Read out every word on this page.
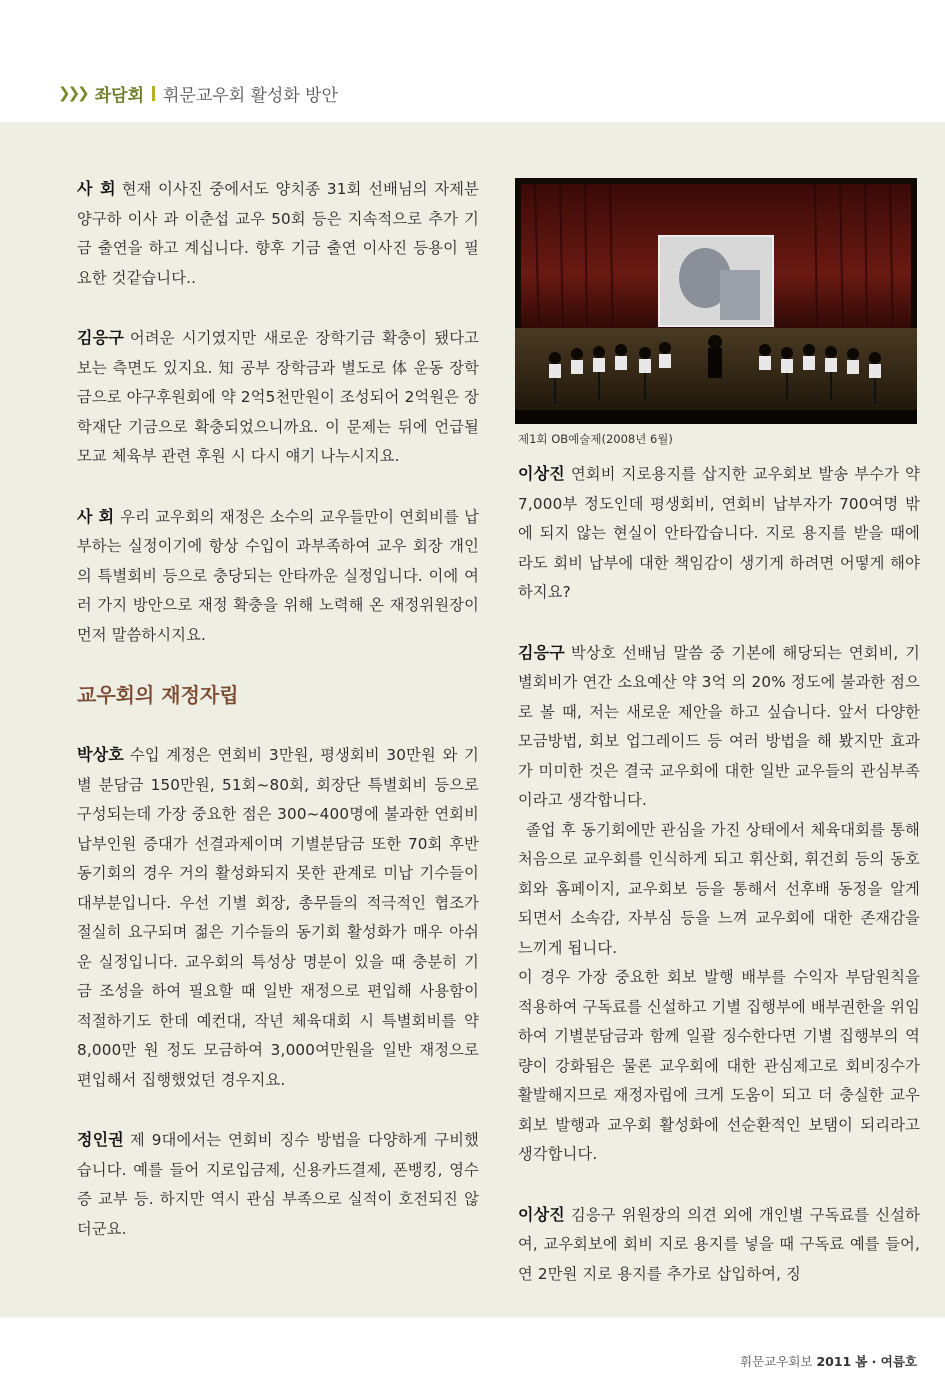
❯❯❯ 좌담회 휘문교우회 활성화 방안

사 회 현재 이사진 중에서도 양치종 31회 선배님의 자제분 양구하 이사 과 이춘섭 교우 50회 등은 지속적으로 추가 기금 출연을 하고 계십니다. 향후 기금 출연 이사진 등용이 필요한 것같습니다..

김응구 어려운 시기였지만 새로운 장학기금 확충이 됐다고 보는 측면도 있지요. 知 공부 장학금과 별도로 体 운동 장학금으로 야구후원회에 약 2억5천만원이 조성되어 2억원은 장학재단 기금으로 확충되었으니까요. 이 문제는 뒤에 언급될 모교 체육부 관련 후원 시 다시 얘기 나누시지요.

사 회 우리 교우회의 재정은 소수의 교우들만이 연회비를 납부하는 실정이기에 항상 수입이 과부족하여 교우 회장 개인의 특별회비 등으로 충당되는 안타까운 실정입니다. 이에 여러 가지 방안으로 재정 확충을 위해 노력해 온 재정위원장이 먼저 말씀하시지요.

교우회의 재정자립

박상호 수입 계정은 연회비 3만원, 평생회비 30만원 와 기별 분담금 150만원, 51회~80회, 회장단 특별회비 등으로 구성되는데 가장 중요한 점은 300~400명에 불과한 연회비 납부인원 증대가 선결과제이며 기별분담금 또한 70회 후반 동기회의 경우 거의 활성화되지 못한 관계로 미납 기수들이 대부분입니다. 우선 기별 회장, 총무들의 적극적인 협조가 절실히 요구되며 젊은 기수들의 동기회 활성화가 매우 아쉬운 실정입니다. 교우회의 특성상 명분이 있을 때 충분히 기금 조성을 하여 필요할 때 일반 재정으로 편입해 사용함이 적절하기도 한데 예컨대, 작년 체육대회 시 특별회비를 약 8,000만 원 정도 모금하여 3,000여만원을 일반 재정으로 편입해서 집행했었던 경우지요.

정인권 제 9대에서는 연회비 징수 방법을 다양하게 구비했습니다. 예를 들어 지로입금제, 신용카드결제, 폰뱅킹, 영수증 교부 등. 하지만 역시 관심 부족으로 실적이 호전되진 않더군요.

제1회 OB예술제(2008년 6월)

이상진 연회비 지로용지를 삽지한 교우회보 발송 부수가 약 7,000부 정도인데 평생회비, 연회비 납부자가 700여명 밖에 되지 않는 현실이 안타깝습니다. 지로 용지를 받을 때에라도 회비 납부에 대한 책임감이 생기게 하려면 어떻게 해야 하지요?

김응구 박상호 선배님 말씀 중 기본에 해당되는 연회비, 기별회비가 연간 소요예산 약 3억 의 20% 정도에 불과한 점으로 볼 때, 저는 새로운 제안을 하고 싶습니다. 앞서 다양한 모금방법, 회보 업그레이드 등 여러 방법을 해 봤지만 효과가 미미한 것은 결국 교우회에 대한 일반 교우들의 관심부족이라고 생각합니다.

졸업 후 동기회에만 관심을 가진 상태에서 체육대회를 통해 처음으로 교우회를 인식하게 되고 휘산회, 휘건회 등의 동호회와 홈페이지, 교우회보 등을 통해서 선후배 동정을 알게 되면서 소속감, 자부심 등을 느껴 교우회에 대한 존재감을 느끼게 됩니다.

이 경우 가장 중요한 회보 발행 배부를 수익자 부담원칙을 적용하여 구독료를 신설하고 기별 집행부에 배부권한을 위임하여 기별분담금과 함께 일괄 징수한다면 기별 집행부의 역량이 강화됨은 물론 교우회에 대한 관심제고로 회비징수가 활발해지므로 재정자립에 크게 도움이 되고 더 충실한 교우회보 발행과 교우회 활성화에 선순환적인 보탬이 되리라고 생각합니다.

이상진 김응구 위원장의 의견 외에 개인별 구독료를 신설하여, 교우회보에 회비 지로 용지를 넣을 때 구독료 예를 들어, 연 2만원 지로 용지를 추가로 삽입하여, 징

휘문교우회보 2011 봄 · 여름호
